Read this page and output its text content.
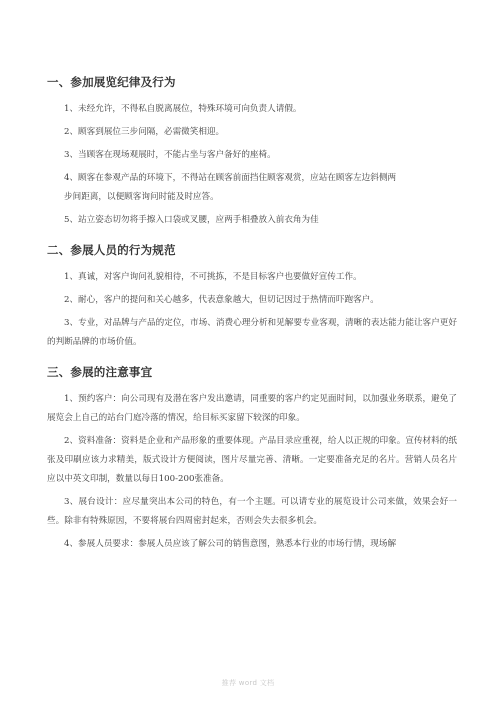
一、参加展览纪律及行为

1、未经允许，不得私自脱离展位，特殊环境可向负责人请假。

2、顾客到展位三步问隔，必需微笑相迎。

3、当顾客在现场观展时，不能占坐与客户备好的座椅。

4、顾客在参观产品的环境下，不得站在顾客前面挡住顾客观赏，应站在顾客左边斜侧两

步间距离，以便顾客询问时能及时应答。

5、站立姿态切勿将手擦入口袋或叉腰，应两手相叠放入前衣角为佳

二、参展人员的行为规范

1、真诚，对客户询问礼貌相待，不可挑拣，不是目标客户也要做好宣传工作。

2、耐心，客户的提问和关心越多，代表意象越大，但切记因过于热情而吓跑客户。

3、专业，对品牌与产品的定位，市场、消费心理分析和见解要专业客观，清晰的表达能力能让客户更好的判断品牌的市场价值。

三、参展的注意事宜

1、预约客户：向公司现有及潜在客户发出邀请，同重要的客户约定见面时间，以加强业务联系，避免了展览会上自己的站台门庭冷落的情况，给目标买家留下较深的印象。

2、资料准备：资料是企业和产品形象的重要体现。产品目录应重视，给人以正规的印象。宣传材料的纸张及印刷应该力求精美，版式设计方便阅读，图片尽量完善、清晰。一定要准备充足的名片。营销人员名片应以中英文印制，数量以每日100-200张准备。

3、展台设计：应尽量突出本公司的特色，有一个主题。可以请专业的展览设计公司来做，效果会好一些。除非有特殊原因，不要将展台四周密封起来，否则会失去很多机会。

4、参展人员要求：参展人员应该了解公司的销售意图，熟悉本行业的市场行情，现场解

推荐 word 文档
